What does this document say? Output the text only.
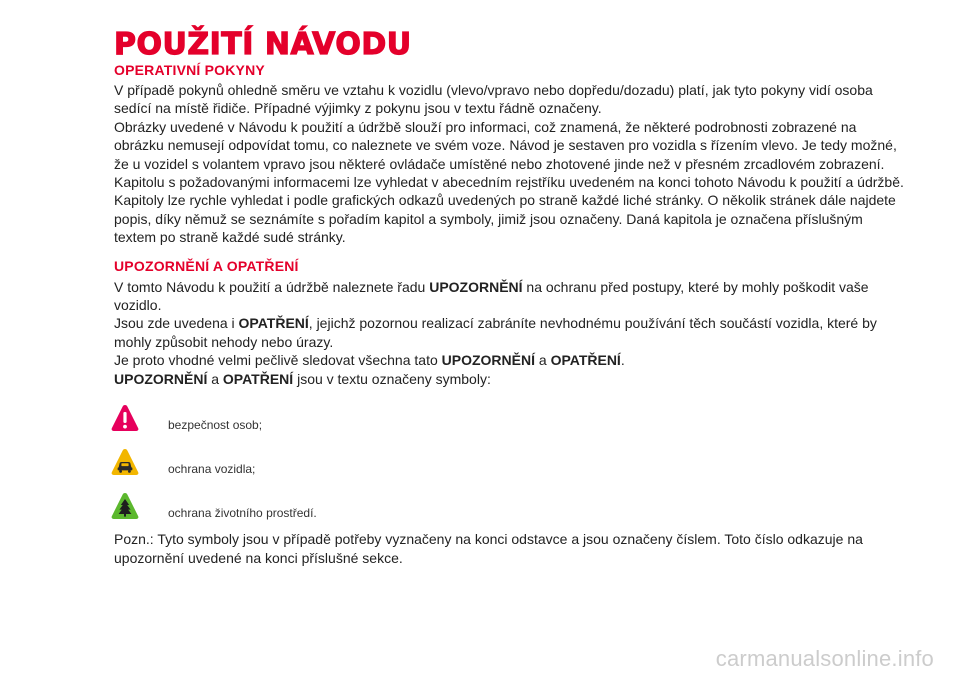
POUŽITÍ NÁVODU
OPERATIVNÍ POKYNY

V případě pokynů ohledně směru ve vztahu k vozidlu (vlevo/vpravo nebo dopředu/dozadu) platí, jak tyto pokyny vidí osoba
sedící na místě řidiče. Případné výjimky z pokynu jsou v textu řádně označeny.
Obrázky uvedené v Návodu k použití a údržbě slouží pro informaci, což znamená, že některé podrobnosti zobrazené na
obrázku nemusejí odpovídat tomu, co naleznete ve svém voze. Návod je sestaven pro vozidla s řízením vlevo. Je tedy možné,
že u vozidel s volantem vpravo jsou některé ovládače umístěné nebo zhotovené jinde než v přesném zrcadlovém zobrazení.
Kapitolu s požadovanými informacemi lze vyhledat v abecedním rejstříku uvedeném na konci tohoto Návodu k použití a údržbě.
Kapitoly lze rychle vyhledat i podle grafických odkazů uvedených po straně každé liché stránky. O několik stránek dále najdete
popis, díky němuž se seznámíte s pořadím kapitol a symboly, jimiž jsou označeny. Daná kapitola je označena příslušným
textem po straně každé sudé stránky.

UPOZORNĚNÍ A OPATŘENÍ

V tomto Návodu k použití a údržbě naleznete řadu UPOZORNĚNÍ na ochranu před postupy, které by mohly poškodit vaše
vozidlo.
Jsou zde uvedena i OPATŘENÍ, jejichž pozornou realizací zabráníte nevhodnému používání těch součástí vozidla, které by
mohly způsobit nehody nebo úrazy.
Je proto vhodné velmi pečlivě sledovat všechna tato UPOZORNĚNÍ a OPATŘENÍ.
UPOZORNĚNÍ a OPATŘENÍ jsou v textu označeny symboly:

bezpečnost osob;
ochrana vozidla;
ochrana životního prostředí.

Pozn.: Tyto symboly jsou v případě potřeby vyznačeny na konci odstavce a jsou označeny číslem. Toto číslo odkazuje na
upozornění uvedené na konci příslušné sekce.

carmanualsonline.info
